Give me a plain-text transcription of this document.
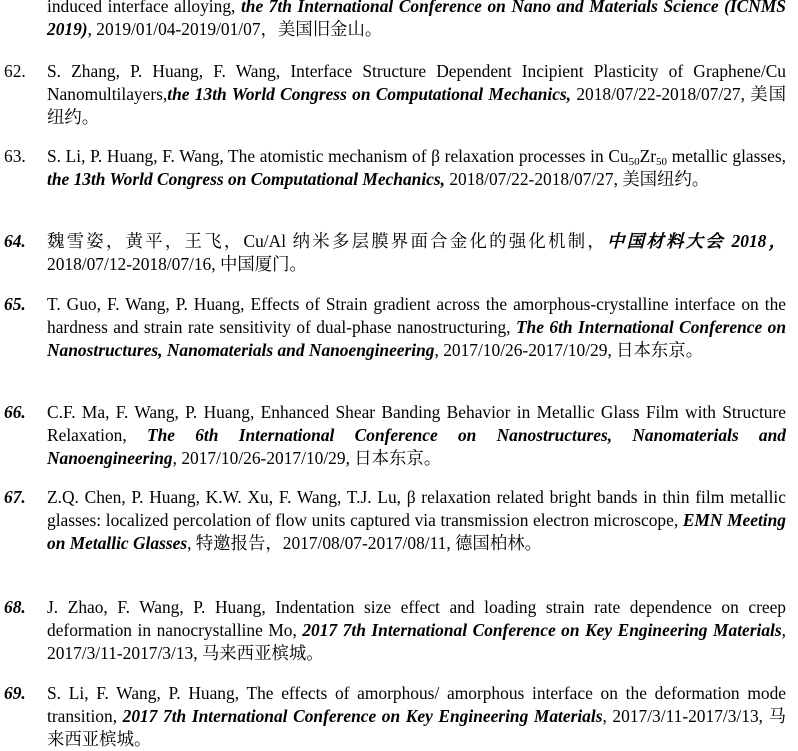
induced interface alloying, the 7th International Conference on Nano and Materials Science (ICNMS 2019), 2019/01/04-2019/01/07，美国旧金山。
62.	S. Zhang, P. Huang, F. Wang, Interface Structure Dependent Incipient Plasticity of Graphene/Cu Nanomultilayers,the 13th World Congress on Computational Mechanics, 2018/07/22-2018/07/27, 美国纽约。
63.	S. Li, P. Huang, F. Wang, The atomistic mechanism of β relaxation processes in $Cu_{50}Zr_{50}$ metallic glasses, the 13th World Congress on Computational Mechanics, 2018/07/22-2018/07/27, 美国纽约。
64.	魏雪姿，黄平，王飞，Cu/Al 纳米多层膜界面合金化的强化机制，中国材料大会 2018，2018/07/12-2018/07/16, 中国厦门。
65.	T. Guo, F. Wang, P. Huang, Effects of Strain gradient across the amorphous-crystalline interface on the hardness and strain rate sensitivity of dual-phase nanostructuring, The 6th International Conference on Nanostructures, Nanomaterials and Nanoengineering, 2017/10/26-2017/10/29, 日本东京。
66.	C.F. Ma, F. Wang, P. Huang, Enhanced Shear Banding Behavior in Metallic Glass Film with Structure Relaxation, The 6th International Conference on Nanostructures, Nanomaterials and Nanoengineering, 2017/10/26-2017/10/29, 日本东京。
67.	Z.Q. Chen, P. Huang, K.W. Xu, F. Wang, T.J. Lu, β relaxation related bright bands in thin film metallic glasses: localized percolation of flow units captured via transmission electron microscope, EMN Meeting on Metallic Glasses, 特邀报告，2017/08/07-2017/08/11, 德国柏林。
68.	J. Zhao, F. Wang, P. Huang, Indentation size effect and loading strain rate dependence on creep deformation in nanocrystalline Mo, 2017 7th International Conference on Key Engineering Materials, 2017/3/11-2017/3/13, 马来西亚槟城。
69.	S. Li, F. Wang, P. Huang, The effects of amorphous/ amorphous interface on the deformation mode transition, 2017 7th International Conference on Key Engineering Materials, 2017/3/11-2017/3/13, 马来西亚槟城。
